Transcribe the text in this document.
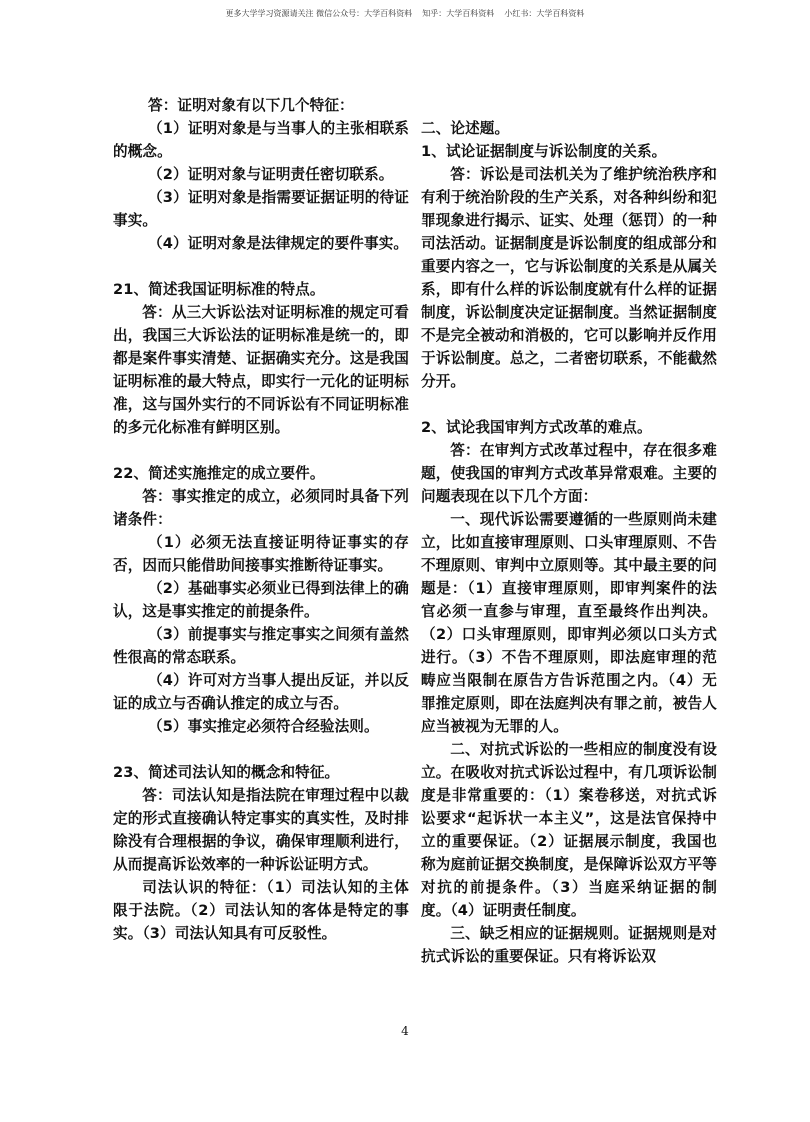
更多大学学习资源请关注 微信公众号：大学百科资料    知乎：大学百科资料    小红书：大学百科资料

答：证明对象有以下几个特征：

（1）证明对象是与当事人的主张相联系的概念。

（2）证明对象与证明责任密切联系。

（3）证明对象是指需要证据证明的待证事实。

（4）证明对象是法律规定的要件事实。

21、简述我国证明标准的特点。

答：从三大诉讼法对证明标准的规定可看出，我国三大诉讼法的证明标准是统一的，即都是案件事实清楚、证据确实充分。这是我国证明标准的最大特点，即实行一元化的证明标准，这与国外实行的不同诉讼有不同证明标准的多元化标准有鲜明区别。

22、简述实施推定的成立要件。

答：事实推定的成立，必须同时具备下列诸条件：

（1）必须无法直接证明待证事实的存否，因而只能借助间接事实推断待证事实。

（2）基础事实必须业已得到法律上的确认，这是事实推定的前提条件。

（3）前提事实与推定事实之间须有盖然性很高的常态联系。

（4）许可对方当事人提出反证，并以反证的成立与否确认推定的成立与否。

（5）事实推定必须符合经验法则。

23、简述司法认知的概念和特征。

答：司法认知是指法院在审理过程中以裁定的形式直接确认特定事实的真实性，及时排除没有合理根据的争议，确保审理顺利进行，从而提高诉讼效率的一种诉讼证明方式。

司法认识的特征：（1）司法认知的主体限于法院。（2）司法认知的客体是特定的事实。（3）司法认知具有可反驳性。

二、论述题。

1、试论证据制度与诉讼制度的关系。

答：诉讼是司法机关为了维护统治秩序和有利于统治阶段的生产关系，对各种纠纷和犯罪现象进行揭示、证实、处理（惩罚）的一种司法活动。证据制度是诉讼制度的组成部分和重要内容之一，它与诉讼制度的关系是从属关系，即有什么样的诉讼制度就有什么样的证据制度，诉讼制度决定证据制度。当然证据制度不是完全被动和消极的，它可以影响并反作用于诉讼制度。总之，二者密切联系，不能截然分开。

2、试论我国审判方式改革的难点。

答：在审判方式改革过程中，存在很多难题，使我国的审判方式改革异常艰难。主要的问题表现在以下几个方面：

一、现代诉讼需要遵循的一些原则尚未建立，比如直接审理原则、口头审理原则、不告不理原则、审判中立原则等。其中最主要的问题是：（1）直接审理原则，即审判案件的法官必须一直参与审理，直至最终作出判决。（2）口头审理原则，即审判必须以口头方式进行。（3）不告不理原则，即法庭审理的范畴应当限制在原告方告诉范围之内。（4）无罪推定原则，即在法庭判决有罪之前，被告人应当被视为无罪的人。

二、对抗式诉讼的一些相应的制度没有设立。在吸收对抗式诉讼过程中，有几项诉讼制度是非常重要的：（1）案卷移送，对抗式诉讼要求“起诉状一本主义”，这是法官保持中立的重要保证。（2）证据展示制度，我国也称为庭前证据交换制度，是保障诉讼双方平等对抗的前提条件。（3）当庭采纳证据的制度。（4）证明责任制度。

三、缺乏相应的证据规则。证据规则是对抗式诉讼的重要保证。只有将诉讼双

4
